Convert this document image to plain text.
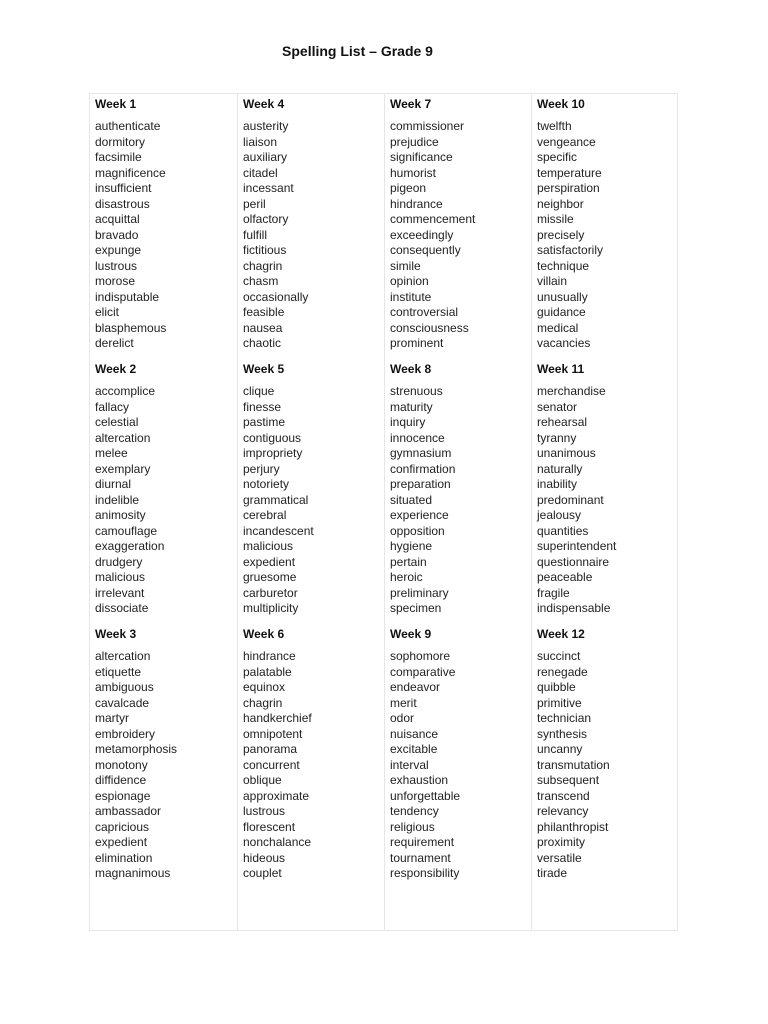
Spelling List – Grade 9
Week 1
authenticate
dormitory
facsimile
magnificence
insufficient
disastrous
acquittal
bravado
expunge
lustrous
morose
indisputable
elicit
blasphemous
derelict
Week 2
accomplice
fallacy
celestial
altercation
melee
exemplary
diurnal
indelible
animosity
camouflage
exaggeration
drudgery
malicious
irrelevant
dissociate
Week 3
altercation
etiquette
ambiguous
cavalcade
martyr
embroidery
metamorphosis
monotony
diffidence
espionage
ambassador
capricious
expedient
elimination
magnanimous
Week 4
austerity
liaison
auxiliary
citadel
incessant
peril
olfactory
fulfill
fictitious
chagrin
chasm
occasionally
feasible
nausea
chaotic
Week 5
clique
finesse
pastime
contiguous
impropriety
perjury
notoriety
grammatical
cerebral
incandescent
malicious
expedient
gruesome
carburetor
multiplicity
Week 6
hindrance
palatable
equinox
chagrin
handkerchief
omnipotent
panorama
concurrent
oblique
approximate
lustrous
florescent
nonchalance
hideous
couplet
Week 7
commissioner
prejudice
significance
humorist
pigeon
hindrance
commencement
exceedingly
consequently
simile
opinion
institute
controversial
consciousness
prominent
Week 8
strenuous
maturity
inquiry
innocence
gymnasium
confirmation
preparation
situated
experience
opposition
hygiene
pertain
heroic
preliminary
specimen
Week 9
sophomore
comparative
endeavor
merit
odor
nuisance
excitable
interval
exhaustion
unforgettable
tendency
religious
requirement
tournament
responsibility
Week 10
twelfth
vengeance
specific
temperature
perspiration
neighbor
missile
precisely
satisfactorily
technique
villain
unusually
guidance
medical
vacancies
Week 11
merchandise
senator
rehearsal
tyranny
unanimous
naturally
inability
predominant
jealousy
quantities
superintendent
questionnaire
peaceable
fragile
indispensable
Week 12
succinct
renegade
quibble
primitive
technician
synthesis
uncanny
transmutation
subsequent
transcend
relevancy
philanthropist
proximity
versatile
tirade
